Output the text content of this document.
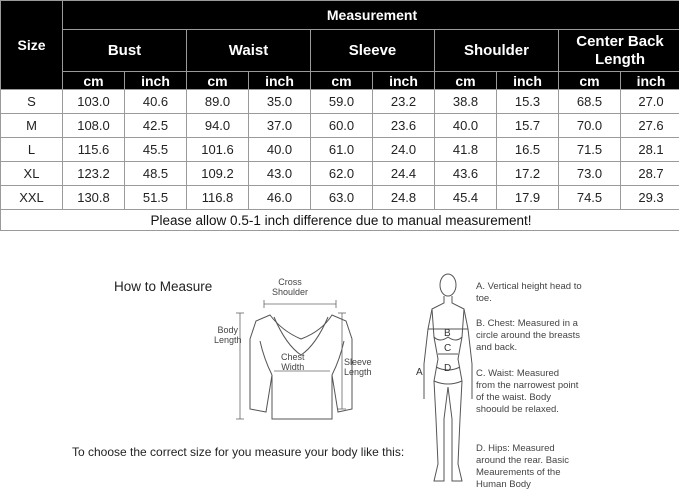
Size	Measurement									
	Bust		Waist		Sleeve		Shoulder		Center Back Length	

	cm	inch	cm	inch	cm	inch	cm	inch	cm	inch
S	103.0	40.6	89.0	35.0	59.0	23.2	38.8	15.3	68.5	27.0
M	108.0	42.5	94.0	37.0	60.0	23.6	40.0	15.7	70.0	27.6
L	115.6	45.5	101.6	40.0	61.0	24.0	41.8	16.5	71.5	28.1
XL	123.2	48.5	109.2	43.0	62.0	24.4	43.6	17.2	73.0	28.7
XXL	130.8	51.5	116.8	46.0	63.0	24.8	45.4	17.9	74.5	29.3
Please allow 0.5-1 inch difference due to manual measurement!										
How to Measure	Cross
Shoulder
Body
Length
Chest
Width	Sleeve
Length
To choose the correct size for you measure your body like this:
A
B
C
D
A. Vertical height head to toe.
B. Chest: Measured in a circle around the breasts and back.
C. Waist: Measured from the narrowest point of the waist. Body shoould be relaxed.
D. Hips: Measured around the rear. Basic Meaurements of the Human Body
